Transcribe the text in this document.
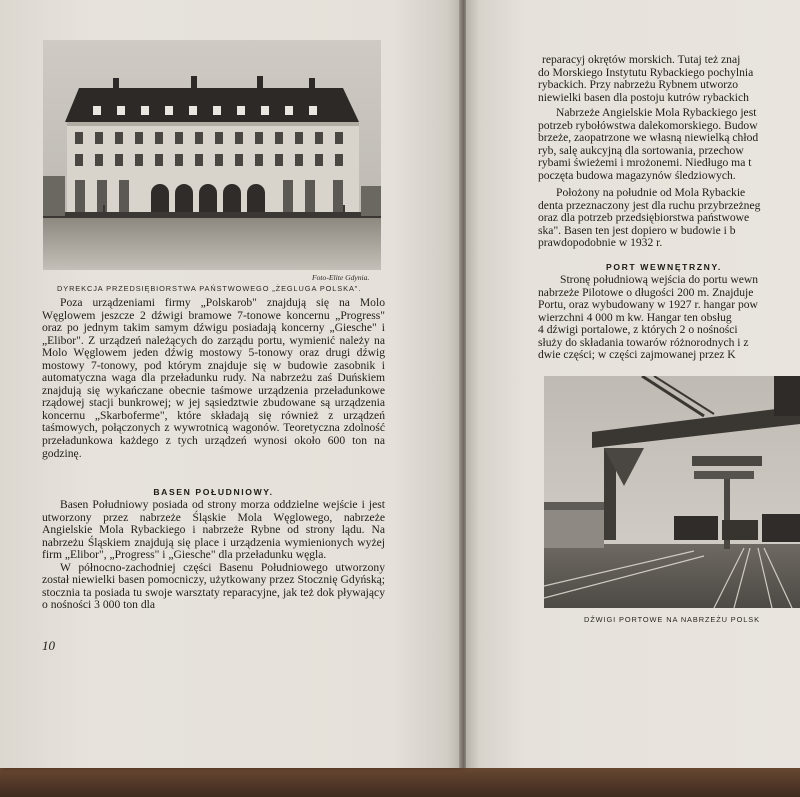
Foto-Elite Gdynia.
DYREKCJA PRZEDSIĘBIORSTWA PAŃSTWOWEGO „ŻEGLUGA POLSKA".

Poza urządzeniami firmy „Polskarob" znajdują się na Molo Węglowem jeszcze 2 dźwigi bramowe 7-tonowe koncernu „Progress" oraz po jednym takim samym dźwigu posiadają koncerny „Giesche" i „Elibor". Z urządzeń należących do zarządu portu, wymienić należy na Molo Węglowem jeden dźwig mostowy 5-tonowy oraz drugi dźwig mostowy 7-tonowy, pod którym znajduje się w budowie zasobnik i automatyczna waga dla przeładunku rudy. Na nabrzeżu zaś Duńskiem znajdują się wykańczane obecnie taśmowe urządzenia przeładunkowe rządowej stacji bunkrowej; w jej sąsiedztwie zbudowane są urządzenia koncernu „Skarboferme", które składają się również z urządzeń taśmowych, połączonych z wywrotnicą wagonów. Teoretyczna zdolność przeładunkowa każdego z tych urządzeń wynosi około 600 ton na godzinę.

BASEN POŁUDNIOWY.

Basen Południowy posiada od strony morza oddzielne wejście i jest utworzony przez nabrzeże Śląskie Mola Węglowego, nabrzeże Angielskie Mola Rybackiego i nabrzeże Rybne od strony lądu. Na nabrzeżu Śląskiem znajdują się place i urządzenia wymienionych wyżej firm „Elibor", „Progress" i „Giesche" dla przeładunku węgla.

W północno-zachodniej części Basenu Południowego utworzony został niewielki basen pomocniczy, użytkowany przez Stocznię Gdyńską; stocznia ta posiada tu swoje warsztaty reparacyjne, jak też dok pływający o nośności 3 000 ton dla

10
reparacyj okrętów morskich. Tutaj też znaj
do Morskiego Instytutu Rybackiego pochylnia
rybackich. Przy nabrzeżu Rybnem utworzo
niewielki basen dla postoju kutrów rybackich
Nabrzeże Angielskie Mola Rybackiego jest
potrzeb rybołówstwa dalekomorskiego. Budow
brzeże, zaopatrzone we własną niewielką chłod
ryb, salę aukcyjną dla sortowania, przechow
rybami świeżemi i mrożonemi. Niedługo ma t
poczęta budowa magazynów śledziowych.
Położony na południe od Mola Rybackie
denta przeznaczony jest dla ruchu przybrzeżneg
oraz dla potrzeb przedsiębiorstwa państwowe
ska". Basen ten jest dopiero w budowie i b
prawdopodobnie w 1932 r.
PORT WEWNĘTRZNY.
Stronę południową wejścia do portu wewn
nabrzeże Pilotowe o długości 200 m. Znajduje
Portu, oraz wybudowany w 1927 r. hangar pow
wierzchni 4 000 m kw. Hangar ten obsług
4 dźwigi portalowe, z których 2 o nośności
służy do składania towarów różnorodnych i z
dwie części; w części zajmowanej przez K
DŹWIGI PORTOWE NA NABRZEŻU POLSK
